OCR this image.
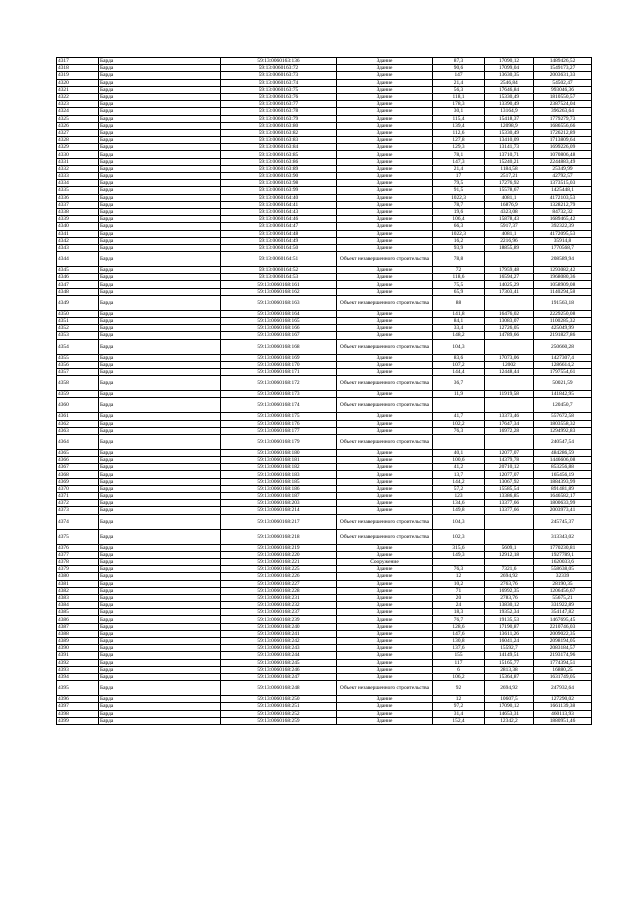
4317	Барда	59:13:0060163:136	Здание	87,3	17090,12	1489426,52
4318	Барда	59:13:0060163:72	Здание	90,6	17099,04	1549173,27
4319	Барда	59:13:0060163:73	Здание	147	13630,35	2003631,33
4320	Барда	59:13:0060163:74	Здание	21,4	2546,84	54502,47
4321	Барда	59:13:0060163:75	Здание	56,3	17646,84	993046,36
4322	Барда	59:13:0060163:76	Здание	118,1	15330,49	1810550,57
4323	Барда	59:13:0060163:77	Здание	178,3	13390,49	2387524,04
4324	Барда	59:13:0060163:78	Здание	30,1	13164,9	396263,64
4325	Барда	59:13:0060163:79	Здание	115,4	15418,37	1779279,73
4326	Барда	59:13:0060163:80	Здание	139,4	12098,9	1686556,66
4327	Барда	59:13:0060163:82	Здание	112,6	15330,49	1726212,89
4328	Барда	59:13:0060163:83	Здание	127,8	13410,09	1713809,64
4329	Барда	59:13:0060163:84	Здание	129,3	13141,73	1699226,09
4330	Барда	59:13:0060163:85	Здание	78,1	13710,71	1070806,48
4331	Барда	59:13:0060163:86	Здание	147,3	15240,21	2244883,49
4332	Барда	59:13:0060163:89	Здание	21,4	1184,58	25349,99
4333	Барда	59:13:0060163:90	Здание	17	2517,21	42792,57
4334	Барда	59:13:0060163:98	Здание	79,5	17276,92	1373515,03
4335	Барда	59:13:0060163:99	Здание	91,5	15578,67	1425448,1
4336	Барда	59:13:0060164:40	Здание	1022,3	4081,1	4172103,53
4337	Барда	59:13:0060164:41	Здание	78,7	16876,9	1328212,79
4338	Барда	59:13:0060164:43	Здание	19,6	4323,08	84732,32
4339	Барда	59:13:0060164:46	Здание	106,4	15878,43	1689465,42
4340	Барда	59:13:0060164:47	Здание	66,3	5917,37	392322,39
4341	Барда	59:13:0060164:48	Здание	1022,3	4081,1	4172095,53
4342	Барда	59:13:0060164:49	Здание	16,2	2216,96	35914,8
4343	Барда	59:13:0060164:50	Здание	93,9	18855,89	1770568,7
4344	Барда	59:13:0060164:51	Объект незавершенного строительства	78,8		208589,94
4345	Барда	59:13:0060164:52	Здание	72	17959,48	1293082,42
4346	Барда	59:13:0060164:53	Здание	118,6	16594,27	1968080,36
4347	Барда	59:13:0060168:161	Здание	75,5	14025,29	1058909,08
4348	Барда	59:13:0060168:162	Здание	65,9	17303,41	1140294,58
4349	Барда	59:13:0060168:163	Объект незавершенного строительства	88		191563,18
4350	Барда	59:13:0060168:164	Здание	141,8	16476,02	2229250,08
4351	Барда	59:13:0060168:165	Здание	84,1	13083,07	1100285,32
4352	Барда	59:13:0060168:166	Здание	33,4	12726,05	425049,99
4353	Барда	59:13:0060168:167	Здание	148,2	14789,66	2191827,86
4354	Барда	59:13:0060168:168	Объект незавершенного строительства	104,3		250660,28
4355	Барда	59:13:0060168:169	Здание	83,6	17073,06	1427307,4
4356	Барда	59:13:0060168:170	Здание	107,2	12002	1286614,2
4357	Барда	59:13:0060168:171	Здание	144,4	12448,44	1797554,61
4358	Барда	59:13:0060168:172	Объект незавершенного строительства	36,7		50021,59
4359	Барда	59:13:0060168:173	Здание	11,9	11919,58	141842,95
4360	Барда	59:13:0060168:174	Объект незавершенного строительства			120450,7
4361	Барда	59:13:0060168:175	Здание	41,7	13373,46	557672,58
4362	Барда	59:13:0060168:176	Здание	102,2	17647,34	1803558,32
4363	Барда	59:13:0060168:177	Здание	76,3	16972,28	1294992,83
4364	Барда	59:13:0060168:179	Объект незавершенного строительства			240547,54
4365	Барда	59:13:0060168:180	Здание	40,1	12077,07	484286,59
4366	Барда	59:13:0060168:181	Здание	100,6	14379,78	1446606,08
4367	Барда	59:13:0060168:182	Здание	41,2	20710,12	853256,88
4368	Барда	59:13:0060168:183	Здание	13,7	12077,07	165456,19
4369	Барда	59:13:0060168:185	Здание	144,2	13067,92	1884393,99
4370	Барда	59:13:0060168:186	Здание	57,2	15585,54	891481,89
4371	Барда	59:13:0060168:187	Здание	123	13386,85	1646582,17
4372	Барда	59:13:0060168:203	Здание	134,6	13377,66	1800633,99
4373	Барда	59:13:0060168:214	Здание	149,8	13377,66	2003973,41
4374	Барда	59:13:0060168:217	Объект незавершенного строительства	104,3		245745,37
4375	Барда	59:13:0060168:218	Объект незавершенного строительства	102,3		313343,02
4376	Барда	59:13:0060168:219	Здание	315,6	5609,1	1770230,81
4377	Барда	59:13:0060168:220	Здание	149,3	12912,18	1927789,1
4378	Барда	59:13:0060168:221	Сооружение			1620033,6
4379	Барда	59:13:0060168:225	Здание	76,3	7321,6	558638,05
4380	Барда	59:13:0060168:226	Здание	12	2694,92	32339
4381	Барда	59:13:0060168:227	Здание	10,2	2763,76	28190,35
4382	Барда	59:13:0060168:228	Здание	71	16992,35	1206456,67
4383	Барда	59:13:0060168:231	Здание	20	2783,76	55675,21
4384	Барда	59:13:0060168:232	Здание	24	13830,12	331922,89
4385	Барда	59:13:0060168:237	Здание	18,3	19352,34	354147,82
4386	Барда	59:13:0060168:239	Здание	76,7	19135,53	1467695,45
4387	Барда	59:13:0060168:240	Здание	128,6	17190,87	2210746,03
4388	Барда	59:13:0060168:241	Здание	147,6	13611,26	2009022,35
4389	Барда	59:13:0060168:242	Здание	130,8	16041,24	2098194,05
4390	Барда	59:13:0060168:243	Здание	137,6	15592,7	2083184,57
4391	Барда	59:13:0060168:244	Здание	155	14149,51	2193174,96
4392	Барда	59:13:0060168:245	Здание	117	15165,77	1774394,51
4393	Барда	59:13:0060168:246	Здание	6	2813,38	16880,25
4394	Барда	59:13:0060168:247	Здание	106,2	15364,87	1631749,05
4395	Барда	59:13:0060168:248	Объект незавершенного строительства	92	2694,92	247932,64
4396	Барда	59:13:0060168:250	Здание	12	10607,5	127290,02
4397	Барда	59:13:0060168:251	Здание	97,2	17090,12	1661139,38
4398	Барда	59:13:0060168:252	Здание	31,4	14653,31	460113,93
4399	Барда	59:13:0060168:259	Здание	152,4	12342,2	1880951,46
